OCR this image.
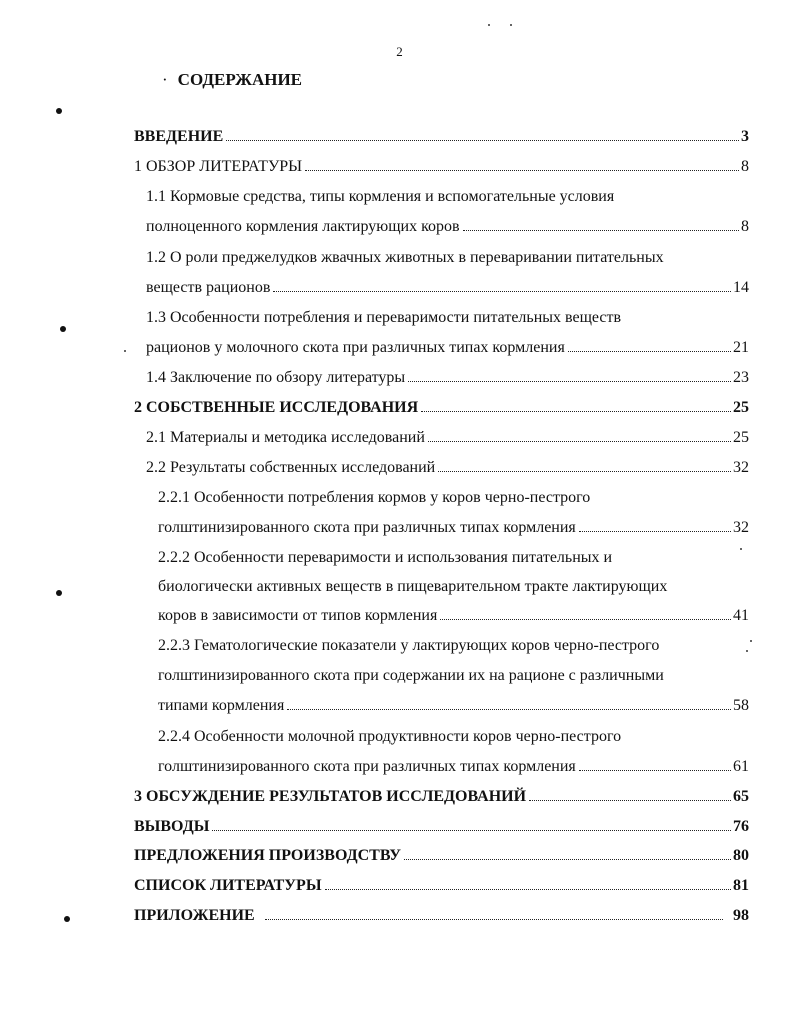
2
· СОДЕРЖАНИЕ
ВВЕДЕНИЕ	3
1 ОБЗОР ЛИТЕРАТУРЫ	8
1.1 Кормовые средства, типы кормления и вспомогательные условия
полноценного кормления лактирующих коров	8
1.2 О роли преджелудков жвачных животных в переваривании питательных
веществ рационов	14
1.3 Особенности потребления и переваримости питательных веществ
рационов у молочного скота при различных типах кормления	21
1.4 Заключение по обзору литературы	23
2 СОБСТВЕННЫЕ ИССЛЕДОВАНИЯ	25
2.1 Материалы и методика исследований	25
2.2 Результаты собственных исследований	32
2.2.1 Особенности потребления кормов у коров черно-пестрого
голштинизированного скота при различных типах кормления	32
2.2.2 Особенности переваримости и использования питательных и
биологически активных веществ в пищеварительном тракте лактирующих
коров в зависимости от типов кормления	41
2.2.3 Гематологические показатели у лактирующих коров черно-пестрого
голштинизированного скота при содержании их на рационе с различными
типами кормления	58
2.2.4 Особенности молочной продуктивности коров черно-пестрого
голштинизированного скота при различных типах кормления	61
3 ОБСУЖДЕНИЕ РЕЗУЛЬТАТОВ ИССЛЕДОВАНИЙ	65
ВЫВОДЫ	76
ПРЕДЛОЖЕНИЯ ПРОИЗВОДСТВУ	80
СПИСОК ЛИТЕРАТУРЫ	81
ПРИЛОЖЕНИЕ	98
